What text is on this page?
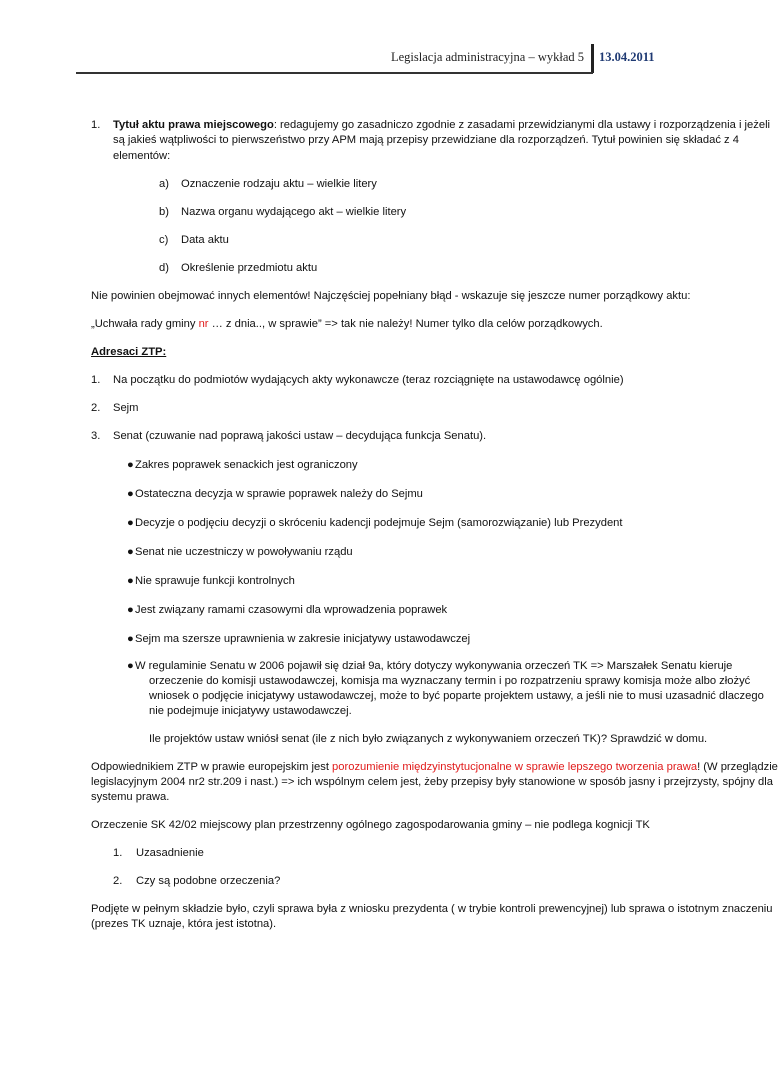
Legislacja administracyjna – wykład 5 13.04.2011
1. Tytuł aktu prawa miejscowego: redagujemy go zasadniczo zgodnie z zasadami przewidzianymi dla ustawy i rozporządzenia i jeżeli
są jakieś wątpliwości to pierwszeństwo przy APM mają przepisy przewidziane dla rozporządzeń. Tytuł powinien się składać z 4
elementów:
a) Oznaczenie rodzaju aktu – wielkie litery
b) Nazwa organu wydającego akt – wielkie litery
c) Data aktu
d) Określenie przedmiotu aktu
Nie powinien obejmować innych elementów! Najczęściej popełniany błąd - wskazuje się jeszcze numer porządkowy aktu:
„Uchwała rady gminy nr … z dnia.., w sprawie” => tak nie należy! Numer tylko dla celów porządkowych.
Adresaci ZTP:
1. Na początku do podmiotów wydających akty wykonawcze (teraz rozciągnięte na ustawodawcę ogólnie)
2. Sejm
3. Senat (czuwanie nad poprawą jakości ustaw – decydująca funkcja Senatu).
● Zakres poprawek senackich jest ograniczony
● Ostateczna decyzja w sprawie poprawek należy do Sejmu
● Decyzje o podjęciu decyzji o skróceniu kadencji podejmuje Sejm (samorozwiązanie) lub Prezydent
● Senat nie uczestniczy w powoływaniu rządu
● Nie sprawuje funkcji kontrolnych
● Jest związany ramami czasowymi dla wprowadzenia poprawek
● Sejm ma szersze uprawnienia w zakresie inicjatywy ustawodawczej
● W regulaminie Senatu w 2006 pojawił się dział 9a, który dotyczy wykonywania orzeczeń TK => Marszałek Senatu kieruje
orzeczenie do komisji ustawodawczej, komisja ma wyznaczany termin i po rozpatrzeniu sprawy komisja może albo złożyć
wniosek o podjęcie inicjatywy ustawodawczej, może to być poparte projektem ustawy, a jeśli nie to musi uzasadnić dlaczego
nie podejmuje inicjatywy ustawodawczej.
Ile projektów ustaw wniósł senat (ile z nich było związanych z wykonywaniem orzeczeń TK)? Sprawdzić w domu.
Odpowiednikiem ZTP w prawie europejskim jest porozumienie międzyinstytucjonalne w sprawie lepszego tworzenia prawa! (W przeglądzie
legislacyjnym 2004 nr2 str.209 i nast.) => ich wspólnym celem jest, żeby przepisy były stanowione w sposób jasny i przejrzysty, spójny dla
systemu prawa.
Orzeczenie SK 42/02 miejscowy plan przestrzenny ogólnego zagospodarowania gminy – nie podlega kognicji TK
1. Uzasadnienie
2. Czy są podobne orzeczenia?
Podjęte w pełnym składzie było, czyli sprawa była z wniosku prezydenta ( w trybie kontroli prewencyjnej) lub sprawa o istotnym znaczeniu
(prezes TK uznaje, która jest istotna).
